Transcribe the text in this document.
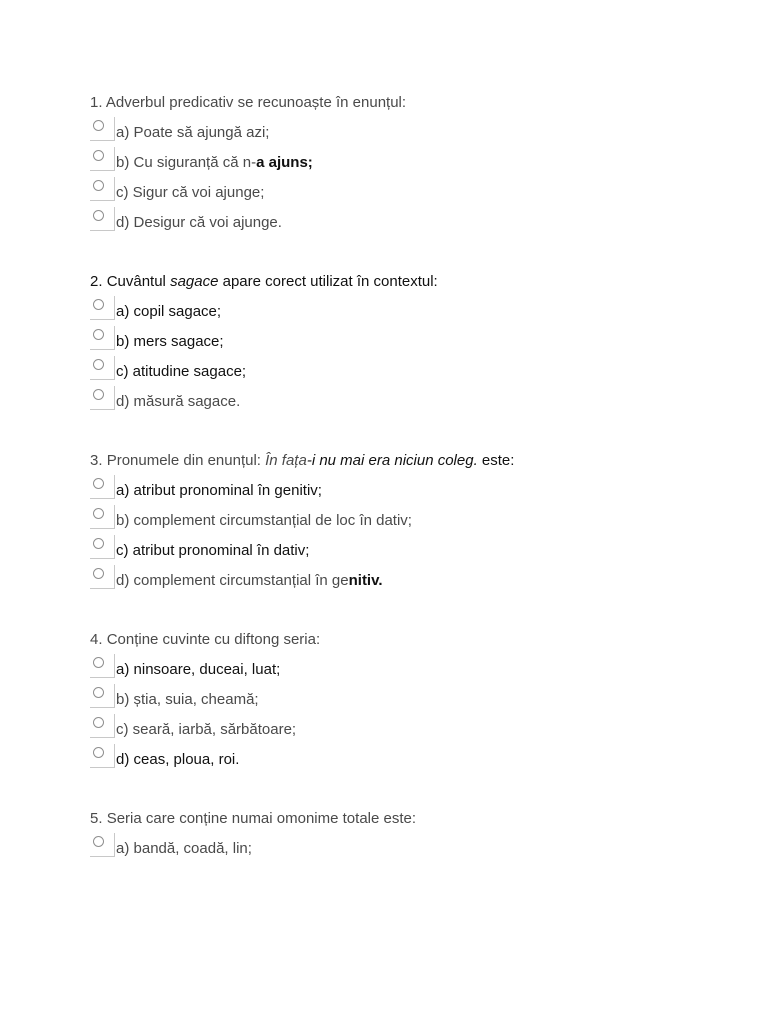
1. Adverbul predicativ se recunoaște în enunțul:
a) Poate să ajungă azi;
b) Cu siguranță că n-a ajuns;
c) Sigur că voi ajunge;
d) Desigur că voi ajunge.
2. Cuvântul sagace apare corect utilizat în contextul:
a) copil sagace;
b) mers sagace;
c) atitudine sagace;
d) măsură sagace.
3. Pronumele din enunțul: În fața-i nu mai era niciun coleg. este:
a) atribut pronominal în genitiv;
b) complement circumstanțial de loc în dativ;
c) atribut pronominal în dativ;
d) complement circumstanțial în genitiv.
4. Conține cuvinte cu diftong seria:
a) ninsoare, duceai, luat;
b) știa, suia, cheamă;
c) seară, iarbă, sărbătoare;
d) ceas, ploua, roi.
5. Seria care conține numai omonime totale este:
a) bandă, coadă, lin;
